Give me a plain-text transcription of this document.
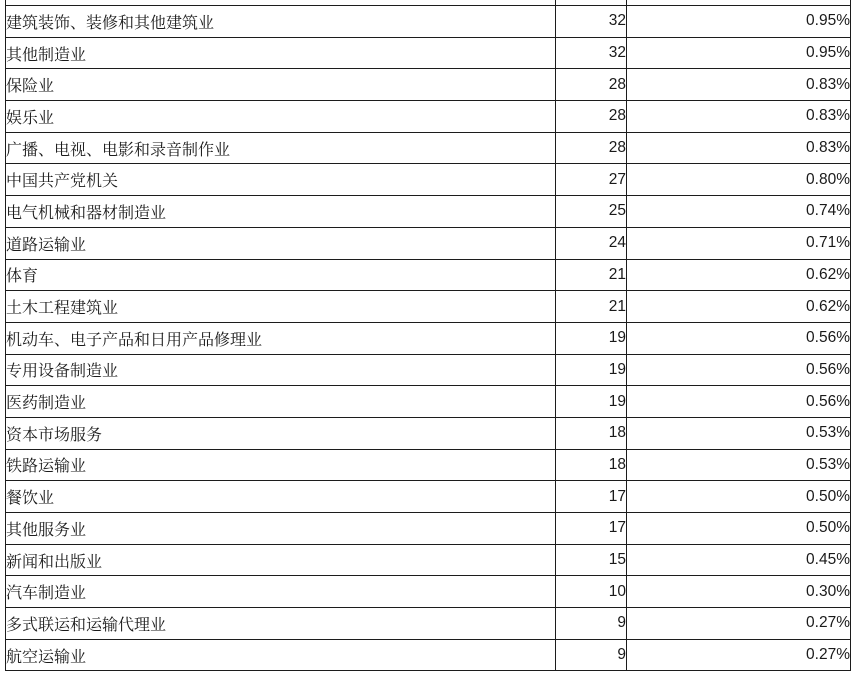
建筑装饰、装修和其他建筑业	32	0.95%
其他制造业	32	0.95%
保险业	28	0.83%
娱乐业	28	0.83%
广播、电视、电影和录音制作业	28	0.83%
中国共产党机关	27	0.80%
电气机械和器材制造业	25	0.74%
道路运输业	24	0.71%
体育	21	0.62%
土木工程建筑业	21	0.62%
机动车、电子产品和日用产品修理业	19	0.56%
专用设备制造业	19	0.56%
医药制造业	19	0.56%
资本市场服务	18	0.53%
铁路运输业	18	0.53%
餐饮业	17	0.50%
其他服务业	17	0.50%
新闻和出版业	15	0.45%
汽车制造业	10	0.30%
多式联运和运输代理业	9	0.27%
航空运输业	9	0.27%
